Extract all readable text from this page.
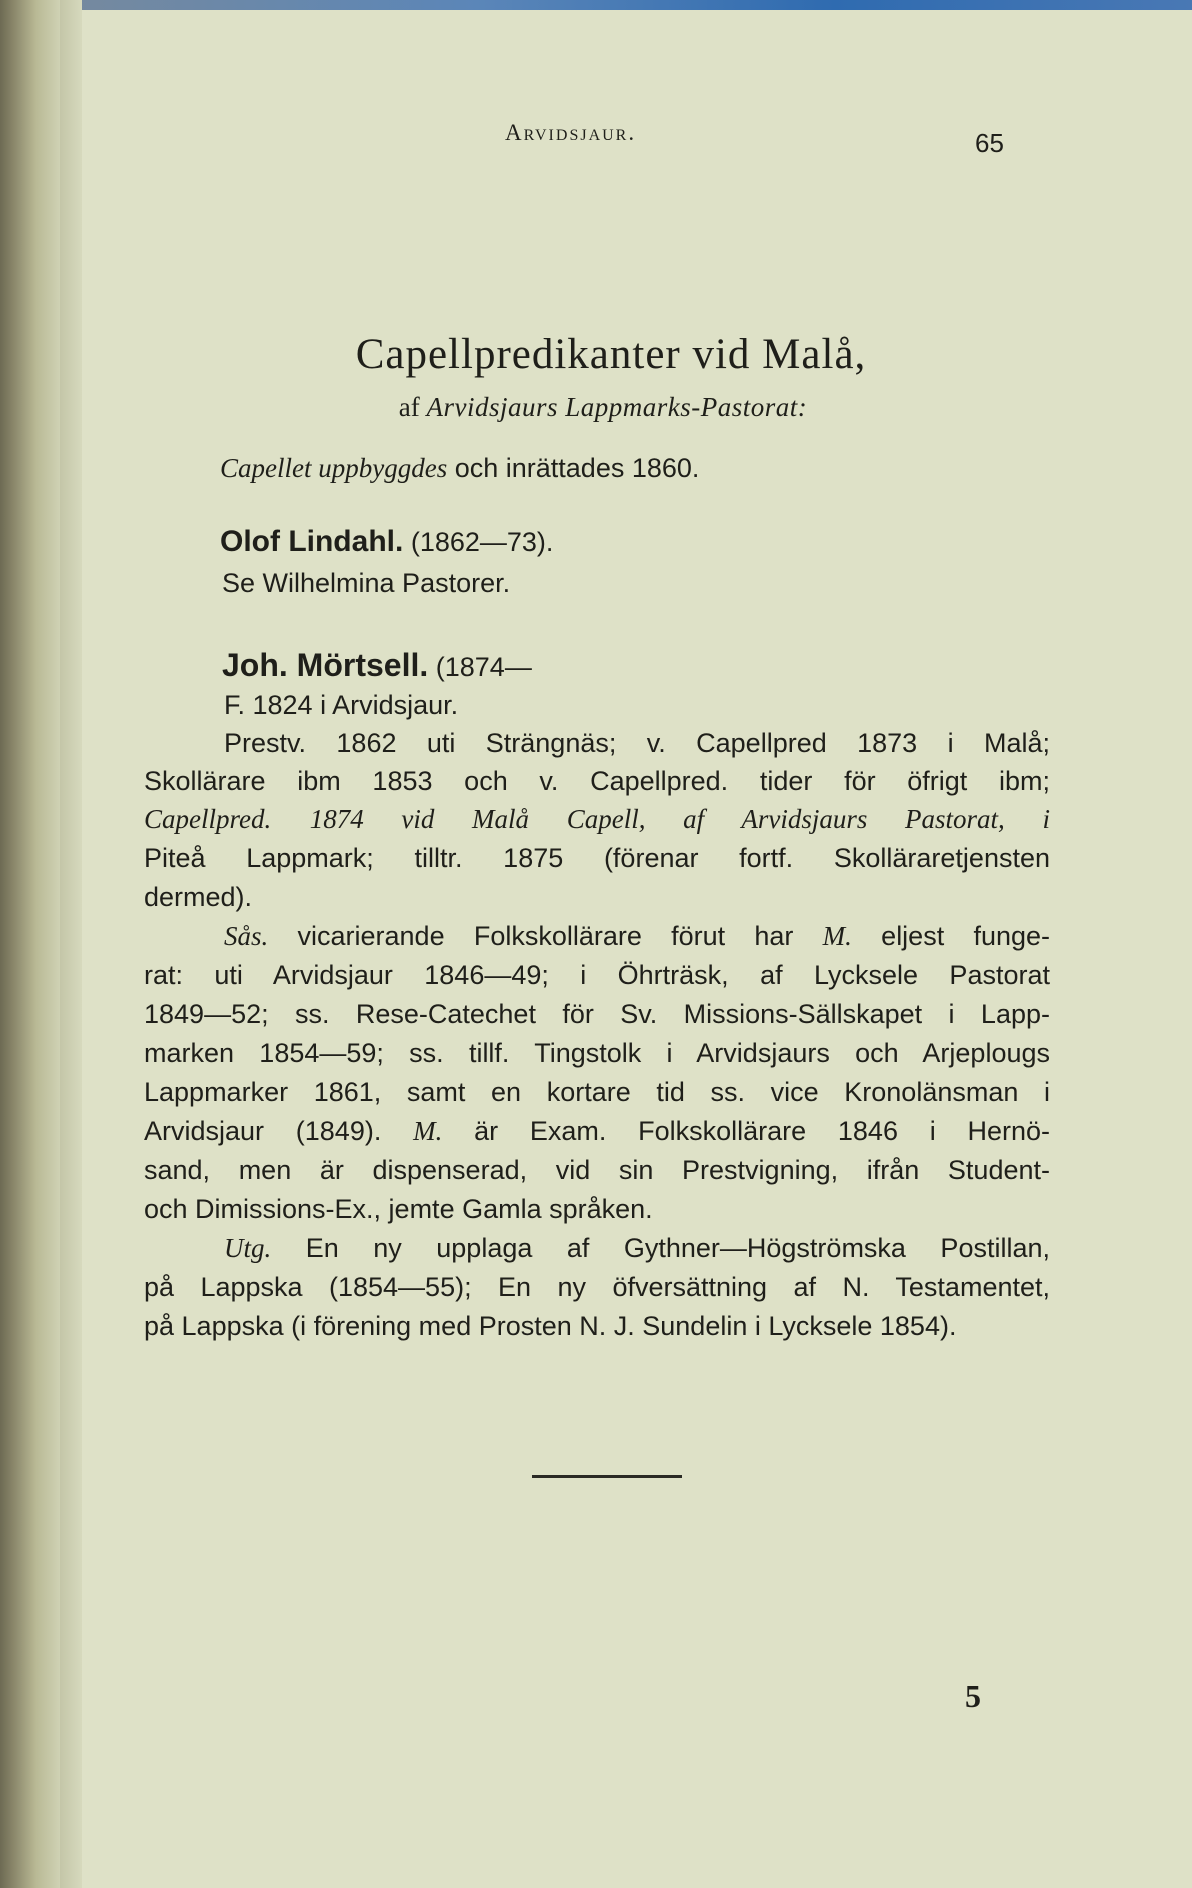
Arvidsjaur.	65
Capellpredikanter vid Malå,
af Arvidsjaurs Lappmarks-Pastorat:
Capellet uppbyggdes och inrättades 1860.
Olof Lindahl. (1862—73).
Se Wilhelmina Pastorer.
Joh. Mörtsell. (1874—
F. 1824 i Arvidsjaur.
Prestv. 1862 uti Strängnäs; v. Capellpred 1873 i Malå;
Skollärare ibm 1853 och v. Capellpred. tider för öfrigt ibm;
Capellpred. 1874 vid Malå Capell, af Arvidsjaurs Pastorat, i
Piteå Lappmark; tilltr. 1875 (förenar fortf. Skolläraretjensten
dermed).
Sås. vicarierande Folkskollärare förut har M. eljest funge-
rat: uti Arvidsjaur 1846—49; i Öhrträsk, af Lycksele Pastorat
1849—52; ss. Rese-Catechet för Sv. Missions-Sällskapet i Lapp-
marken 1854—59; ss. tillf. Tingstolk i Arvidsjaurs och Arjeplougs
Lappmarker 1861, samt en kortare tid ss. vice Kronolänsman i
Arvidsjaur (1849). M. är Exam. Folkskollärare 1846 i Hernö-
sand, men är dispenserad, vid sin Prestvigning, ifrån Student-
och Dimissions-Ex., jemte Gamla språken.
Utg. En ny upplaga af Gythner—Högströmska Postillan,
på Lappska (1854—55); En ny öfversättning af N. Testamentet,
på Lappska (i förening med Prosten N. J. Sundelin i Lycksele 1854).
5
